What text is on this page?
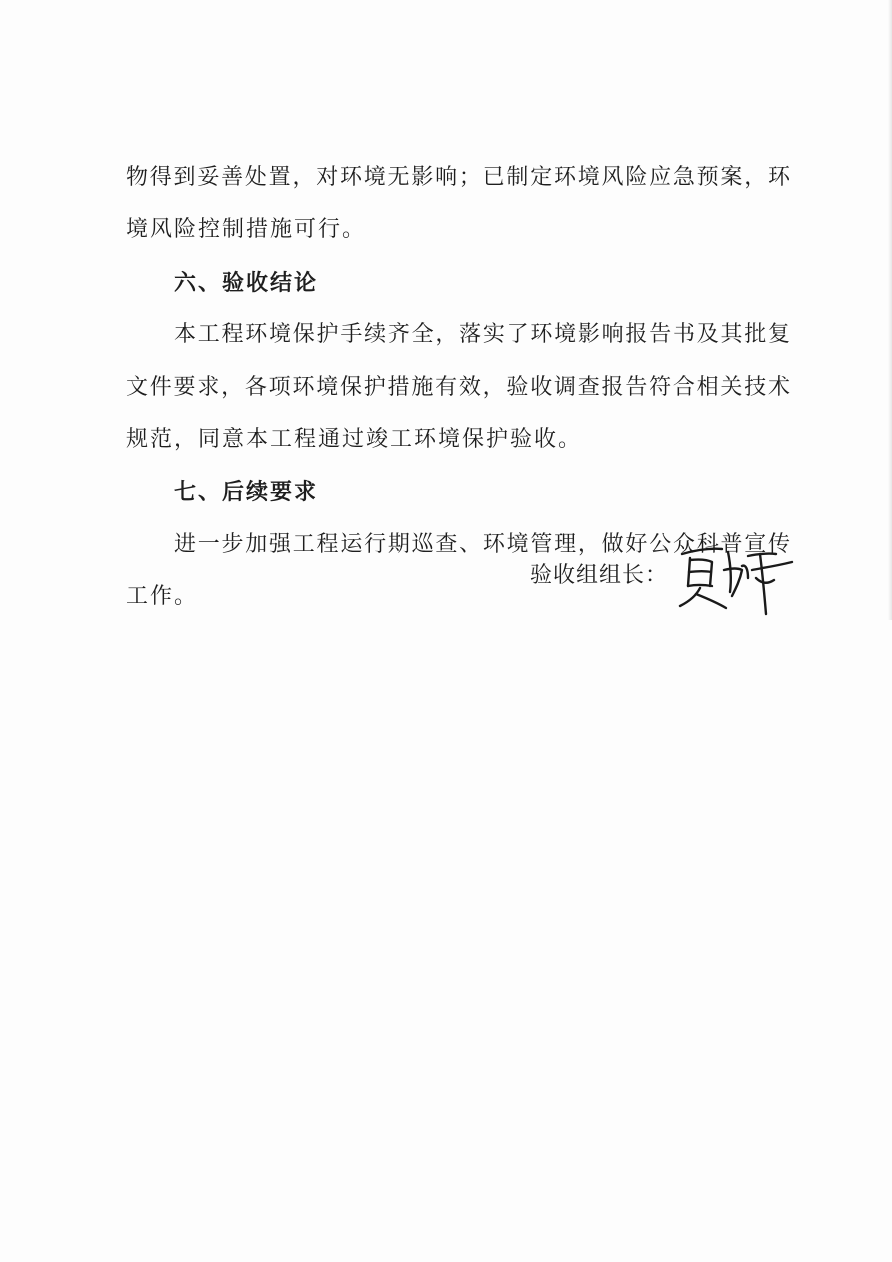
物得到妥善处置，对环境无影响；已制定环境风险应急预案，环
境风险控制措施可行。
六、验收结论
本工程环境保护手续齐全，落实了环境影响报告书及其批复
文件要求，各项环境保护措施有效，验收调查报告符合相关技术
规范，同意本工程通过竣工环境保护验收。
七、后续要求
进一步加强工程运行期巡查、环境管理，做好公众科普宣传
工作。
验收组组长：
